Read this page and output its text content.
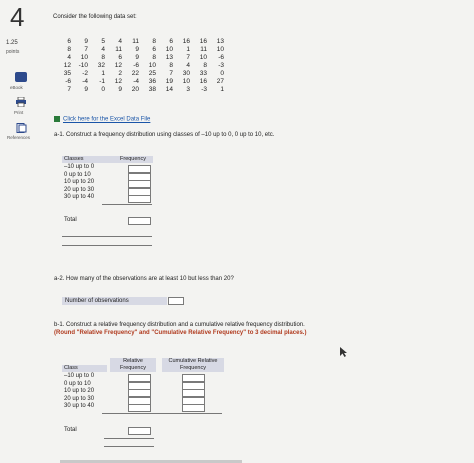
4
1.25
points
eBook
Print
References
Consider the following data set:
6	9	5	4	11	8	6	16	16	13
8	7	4	11	9	6	10	1	11	10
4	10	8	6	9	8	13	7	10	-6
12	-10	32	12	-6	10	8	4	8	-3
35	-2	1	2	22	25	7	30	33	0
-6	-4	-1	12	-4	36	19	10	16	27
7	9	0	9	20	38	14	3	-3	1
Click here for the Excel Data File
a-1. Construct a frequency distribution using classes of –10 up to 0, 0 up to 10, etc.
Classes	Frequency
–10 up to 0
0 up to 10
10 up to 20
20 up to 30
30 up to 40
Total
a-2. How many of the observations are at least 10 but less than 20?
Number of observations
b-1. Construct a relative frequency distribution and a cumulative relative frequency distribution. (Round "Relative Frequency" and "Cumulative Relative Frequency" to 3 decimal places.)
Relative Frequency
Cumulative Relative Frequency
Class
–10 up to 0
0 up to 10
10 up to 20
20 up to 30
30 up to 40
Total
